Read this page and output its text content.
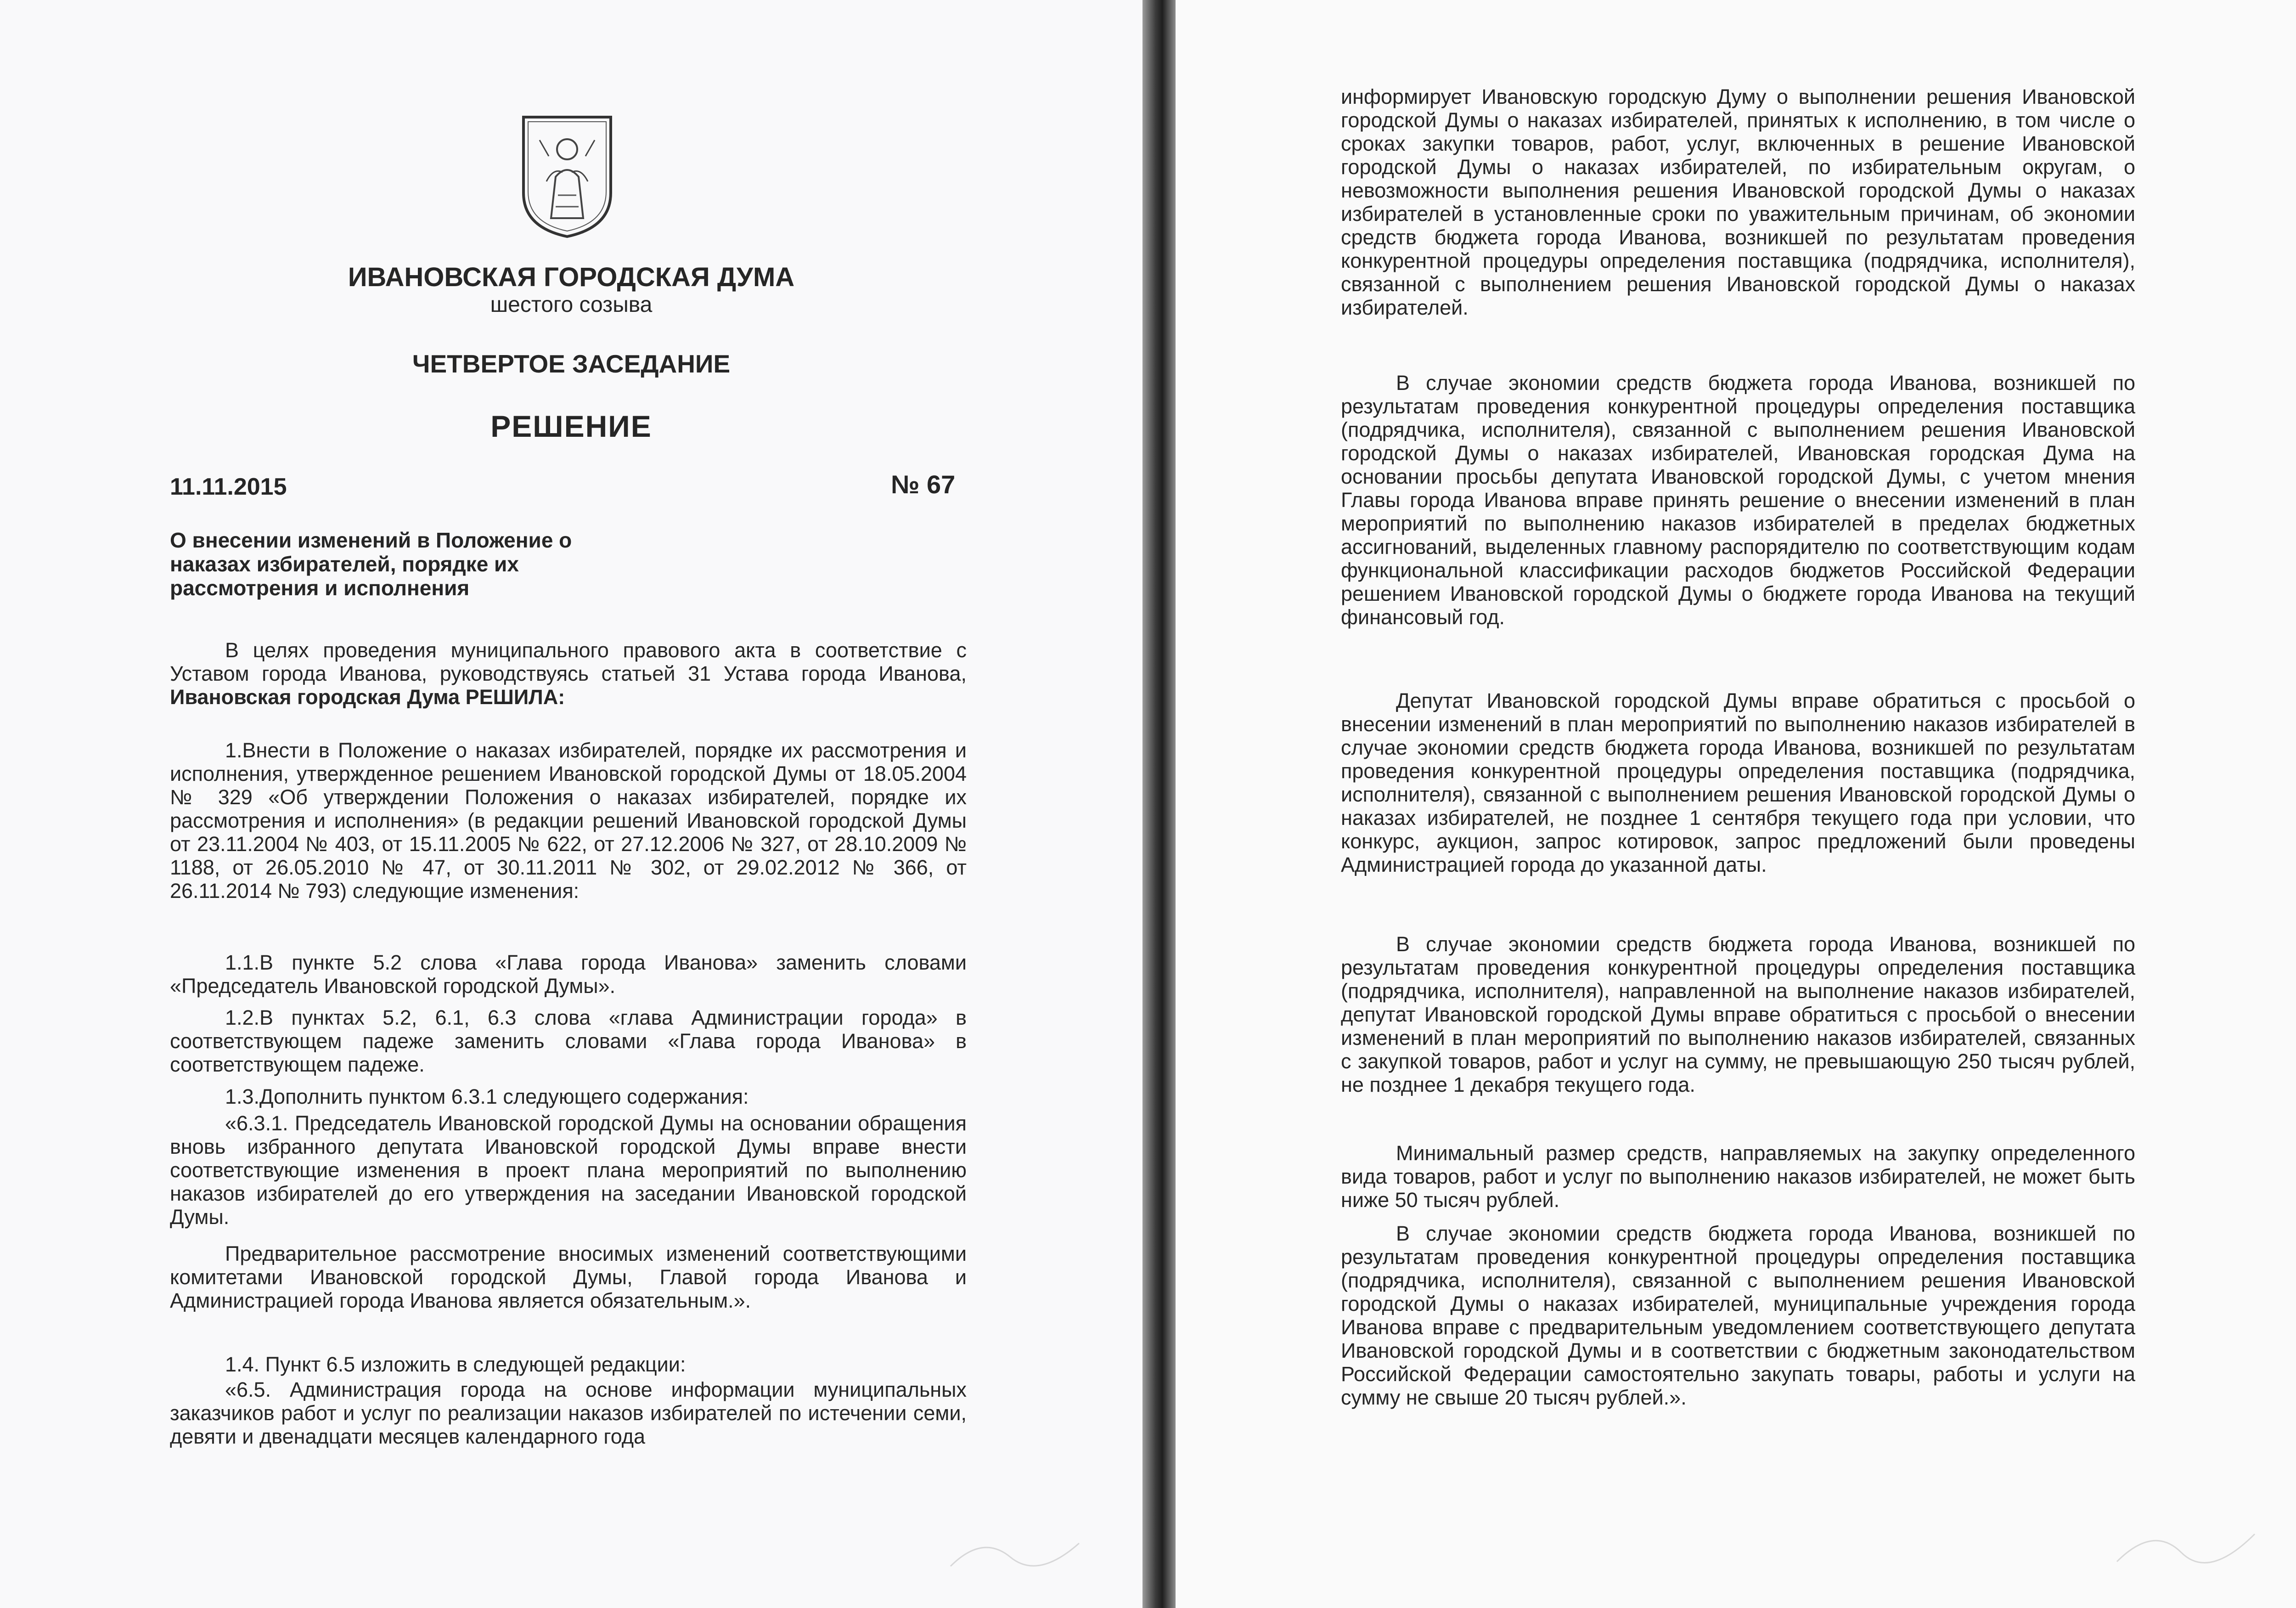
ИВАНОВСКАЯ ГОРОДСКАЯ ДУМА

шестого созыва

ЧЕТВЕРТОЕ ЗАСЕДАНИЕ

РЕШЕНИЕ

11.11.2015	№ 67

О внесении изменений в Положение о наказах избирателей, порядке их рассмотрения и исполнения

В целях проведения муниципального правового акта в соответствие с Уставом города Иванова, руководствуясь статьей 31 Устава города Иванова, Ивановская городская Дума РЕШИЛА:

1.Внести в Положение о наказах избирателей, порядке их рассмотрения и исполнения, утвержденное решением Ивановской городской Думы от 18.05.2004 № 329 «Об утверждении Положения о наказах избирателей, порядке их рассмотрения и исполнения» (в редакции решений Ивановской городской Думы от 23.11.2004 № 403, от 15.11.2005 № 622, от 27.12.2006 № 327, от 28.10.2009 № 1188, от 26.05.2010 № 47, от 30.11.2011 № 302, от 29.02.2012 № 366, от 26.11.2014 № 793) следующие изменения:

1.1.В пункте 5.2 слова «Глава города Иванова» заменить словами «Председатель Ивановской городской Думы».

1.2.В пунктах 5.2, 6.1, 6.3 слова «глава Администрации города» в соответствующем падеже заменить словами «Глава города Иванова» в соответствующем падеже.

1.3.Дополнить пунктом 6.3.1 следующего содержания:

«6.3.1. Председатель Ивановской городской Думы на основании обращения вновь избранного депутата Ивановской городской Думы вправе внести соответствующие изменения в проект плана мероприятий по выполнению наказов избирателей до его утверждения на заседании Ивановской городской Думы.

Предварительное рассмотрение вносимых изменений соответствующими комитетами Ивановской городской Думы, Главой города Иванова и Администрацией города Иванова является обязательным.».

1.4. Пункт 6.5 изложить в следующей редакции:

«6.5. Администрация города на основе информации муниципальных заказчиков работ и услуг по реализации наказов избирателей по истечении семи, девяти и двенадцати месяцев календарного года

информирует Ивановскую городскую Думу о выполнении решения Ивановской городской Думы о наказах избирателей, принятых к исполнению, в том числе о сроках закупки товаров, работ, услуг, включенных в решение Ивановской городской Думы о наказах избирателей, по избирательным округам, о невозможности выполнения решения Ивановской городской Думы о наказах избирателей в установленные сроки по уважительным причинам, об экономии средств бюджета города Иванова, возникшей по результатам проведения конкурентной процедуры определения поставщика (подрядчика, исполнителя), связанной с выполнением решения Ивановской городской Думы о наказах избирателей.

В случае экономии средств бюджета города Иванова, возникшей по результатам проведения конкурентной процедуры определения поставщика (подрядчика, исполнителя), связанной с выполнением решения Ивановской городской Думы о наказах избирателей, Ивановская городская Дума на основании просьбы депутата Ивановской городской Думы, с учетом мнения Главы города Иванова вправе принять решение о внесении изменений в план мероприятий по выполнению наказов избирателей в пределах бюджетных ассигнований, выделенных главному распорядителю по соответствующим кодам функциональной классификации расходов бюджетов Российской Федерации решением Ивановской городской Думы о бюджете города Иванова на текущий финансовый год.

Депутат Ивановской городской Думы вправе обратиться с просьбой о внесении изменений в план мероприятий по выполнению наказов избирателей в случае экономии средств бюджета города Иванова, возникшей по результатам проведения конкурентной процедуры определения поставщика (подрядчика, исполнителя), связанной с выполнением решения Ивановской городской Думы о наказах избирателей, не позднее 1 сентября текущего года при условии, что конкурс, аукцион, запрос котировок, запрос предложений были проведены Администрацией города до указанной даты.

В случае экономии средств бюджета города Иванова, возникшей по результатам проведения конкурентной процедуры определения поставщика (подрядчика, исполнителя), направленной на выполнение наказов избирателей, депутат Ивановской городской Думы вправе обратиться с просьбой о внесении изменений в план мероприятий по выполнению наказов избирателей, связанных с закупкой товаров, работ и услуг на сумму, не превышающую 250 тысяч рублей, не позднее 1 декабря текущего года.

Минимальный размер средств, направляемых на закупку определенного вида товаров, работ и услуг по выполнению наказов избирателей, не может быть ниже 50 тысяч рублей.

В случае экономии средств бюджета города Иванова, возникшей по результатам проведения конкурентной процедуры определения поставщика (подрядчика, исполнителя), связанной с выполнением решения Ивановской городской Думы о наказах избирателей, муниципальные учреждения города Иванова вправе с предварительным уведомлением соответствующего депутата Ивановской городской Думы и в соответствии с бюджетным законодательством Российской Федерации самостоятельно закупать товары, работы и услуги на сумму не свыше 20 тысяч рублей.».
